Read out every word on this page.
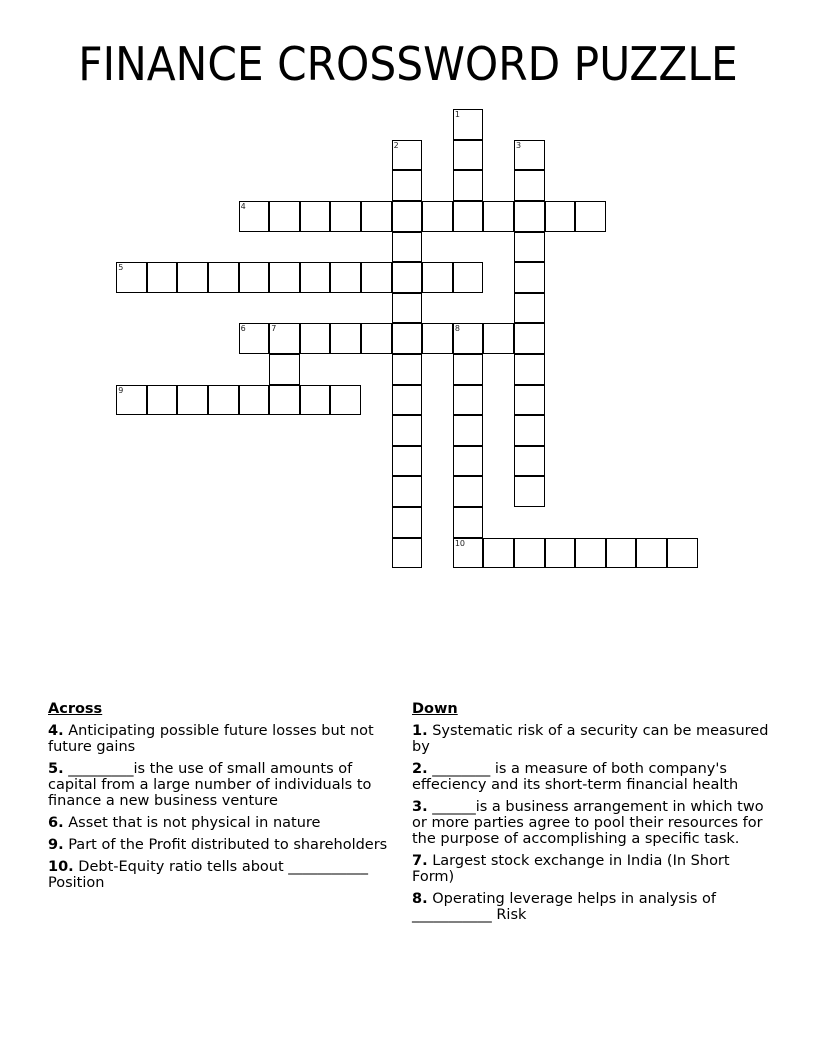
FINANCE CROSSWORD PUZZLE
1
2	3
4
5
6	7	8
10
9
Across
4. Anticipating possible future losses but not future gains
5. _________is the use of small amounts of capital from a large number of individuals to finance a new business venture
6. Asset that is not physical in nature
9. Part of the Profit distributed to shareholders
10. Debt-Equity ratio tells about ___________ Position
Down
1. Systematic risk of a security can be measured by
2. ________ is a measure of both company's effeciency and its short-term financial health
3. ______is a business arrangement in which two or more parties agree to pool their resources for the purpose of accomplishing a specific task.
7. Largest stock exchange in India (In Short Form)
8. Operating leverage helps in analysis of ___________ Risk
